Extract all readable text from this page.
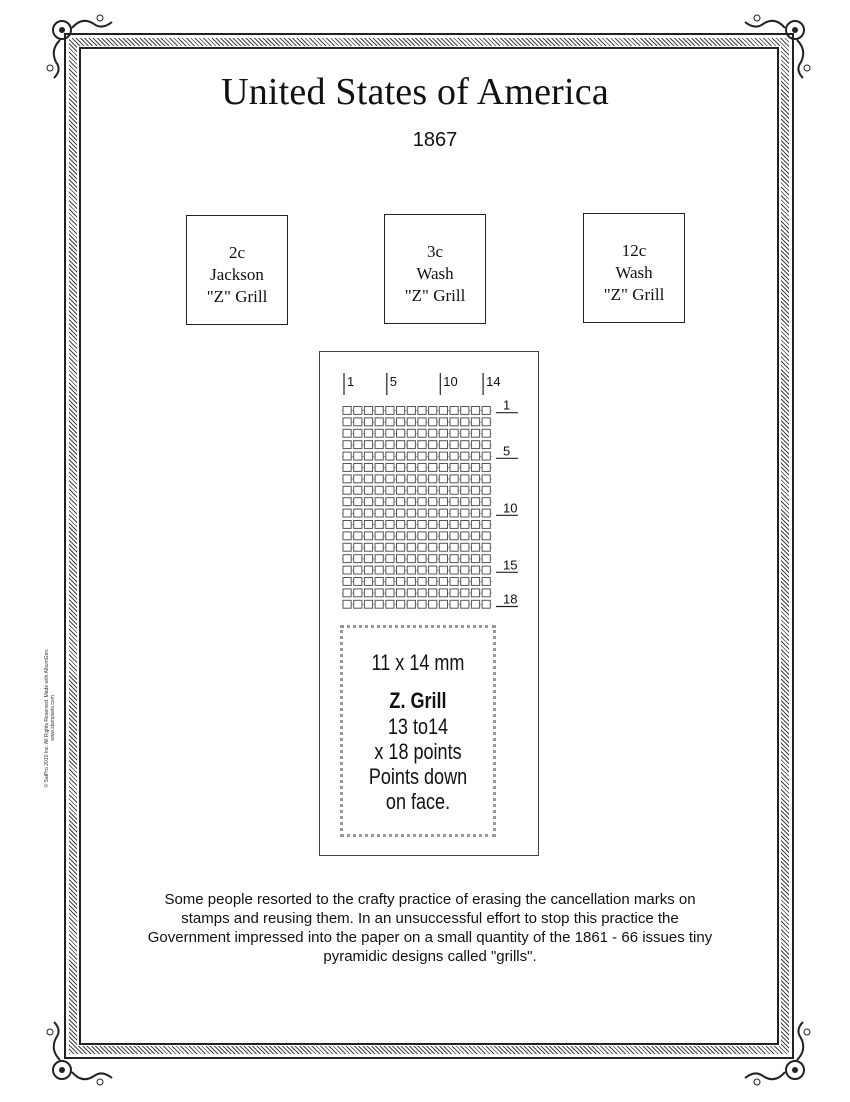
United States of America
1867
2c
Jackson
"Z" Grill
3c
Wash
"Z" Grill
12c
Wash
"Z" Grill
1	5	10 14
1
5
10
15
18
11 x 14 mm
Z. Grill
13 to14
x 18 points
Points down
on face.
Some people resorted to the crafty practice of erasing the cancellation marks on stamps and reusing them. In an unsuccessful effort to stop this practice the Government impressed into the paper on a small quantity of the 1861 - 66 issues tiny pyramidic designs called "grills".
© SatPro 2010 Inc. All Rights Reserved. Made with AlbumGen. www.stampsets.com
